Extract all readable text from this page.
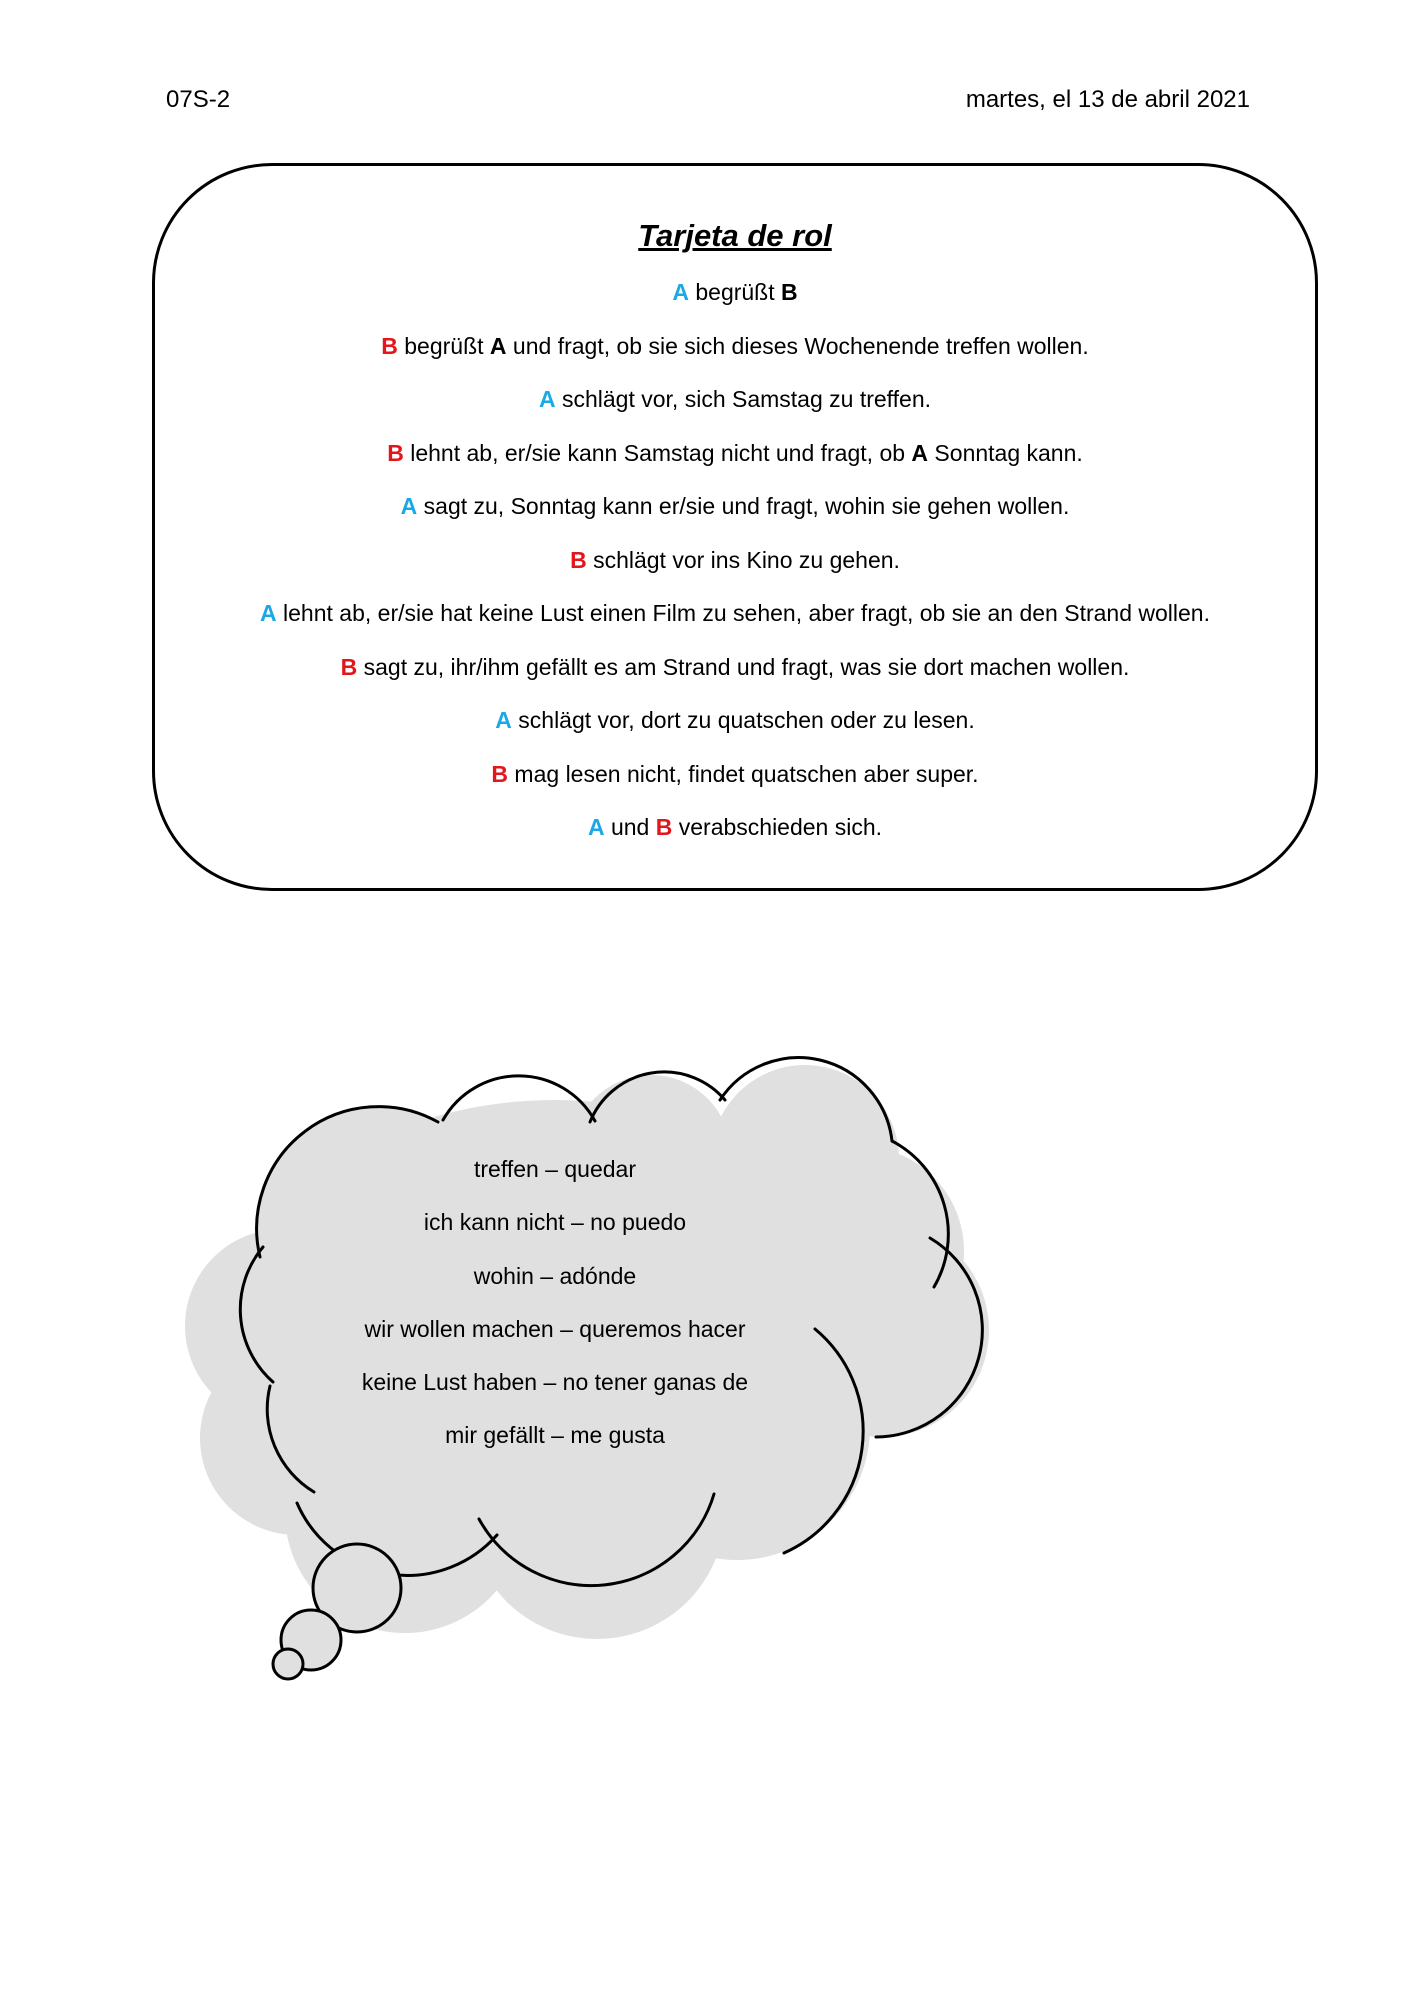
07S-2	martes, el 13 de abril 2021
Tarjeta de rol
A begrüßt B
B begrüßt A und fragt, ob sie sich dieses Wochenende treffen wollen.
A schlägt vor, sich Samstag zu treffen.
B lehnt ab, er/sie kann Samstag nicht und fragt, ob A Sonntag kann.
A sagt zu, Sonntag kann er/sie und fragt, wohin sie gehen wollen.
B schlägt vor ins Kino zu gehen.
A lehnt ab, er/sie hat keine Lust einen Film zu sehen, aber fragt, ob sie an den Strand wollen.
B sagt zu, ihr/ihm gefällt es am Strand und fragt, was sie dort machen wollen.
A schlägt vor, dort zu quatschen oder zu lesen.
B mag lesen nicht, findet quatschen aber super.
A und B verabschieden sich.
treffen – quedar
ich kann nicht – no puedo
wohin – adónde
wir wollen machen – queremos hacer
keine Lust haben – no tener ganas de
mir gefällt – me gusta
